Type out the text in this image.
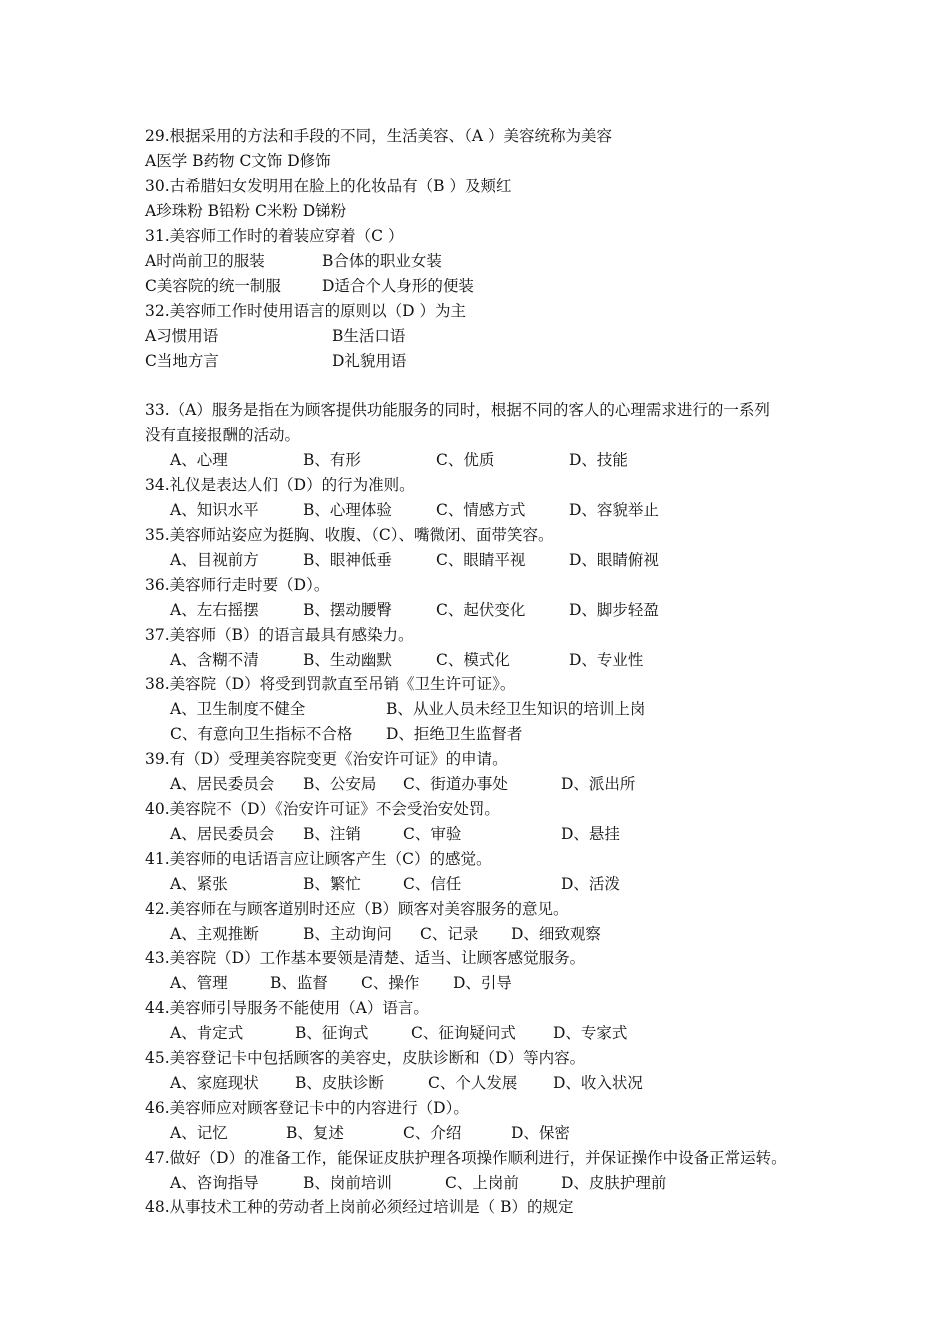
29.根据采用的方法和手段的不同，生活美容、（A ）美容统称为美容
A医学 B药物 C文饰 D修饰
30.古希腊妇女发明用在脸上的化妆品有（B ）及颊红
A珍珠粉 B铅粉 C米粉 D锑粉
31.美容师工作时的着装应穿着（C ）
A时尚前卫的服装	B合体的职业女装
C美容院的统一制服	D适合个人身形的便装
32.美容师工作时使用语言的原则以（D ）为主
A习惯用语	B生活口语
C当地方言	D礼貌用语
33.（A）服务是指在为顾客提供功能服务的同时，根据不同的客人的心理需求进行的一系列
没有直接报酬的活动。
A、心理	B、有形	C、优质	D、技能
34.礼仪是表达人们（D）的行为准则。
A、知识水平	B、心理体验	C、情感方式	D、容貌举止
35.美容师站姿应为挺胸、收腹、（C）、嘴微闭、面带笑容。
A、目视前方	B、眼神低垂	C、眼睛平视	D、眼睛俯视
36.美容师行走时要（D）。
A、左右摇摆	B、摆动腰臀	C、起伏变化	D、脚步轻盈
37.美容师（B）的语言最具有感染力。
A、含糊不清	B、生动幽默	C、模式化	D、专业性
38.美容院（D）将受到罚款直至吊销《卫生许可证》。
A、卫生制度不健全	B、从业人员未经卫生知识的培训上岗
C、有意向卫生指标不合格 D、拒绝卫生监督者
39.有（D）受理美容院变更《治安许可证》的申请。
A、居民委员会 B、公安局 C、街道办事处	D、派出所
40.美容院不（D）《治安许可证》不会受治安处罚。
A、居民委员会 B、注销	C、审验	D、悬挂
41.美容师的电话语言应让顾客产生（C）的感觉。
A、紧张	B、繁忙	C、信任	D、活泼
42.美容师在与顾客道别时还应（B）顾客对美容服务的意见。
A、主观推断	B、主动询问 C、记录 D、细致观察
43.美容院（D）工作基本要领是清楚、适当、让顾客感觉服务。
A、管理	B、监督 C、操作 D、引导
44.美容师引导服务不能使用（A）语言。
A、肯定式	B、征询式	C、征询疑问式 D、专家式
45.美容登记卡中包括顾客的美容史，皮肤诊断和（D）等内容。
A、家庭现状 B、皮肤诊断	C、个人发展 D、收入状况
46.美容师应对顾客登记卡中的内容进行（D）。
A、记忆	B、复述	C、介绍	D、保密
47.做好（D）的准备工作，能保证皮肤护理各项操作顺利进行，并保证操作中设备正常运转。
A、咨询指导	B、岗前培训	C、上岗前	D、皮肤护理前
48.从事技术工种的劳动者上岗前必须经过培训是（ B）的规定
